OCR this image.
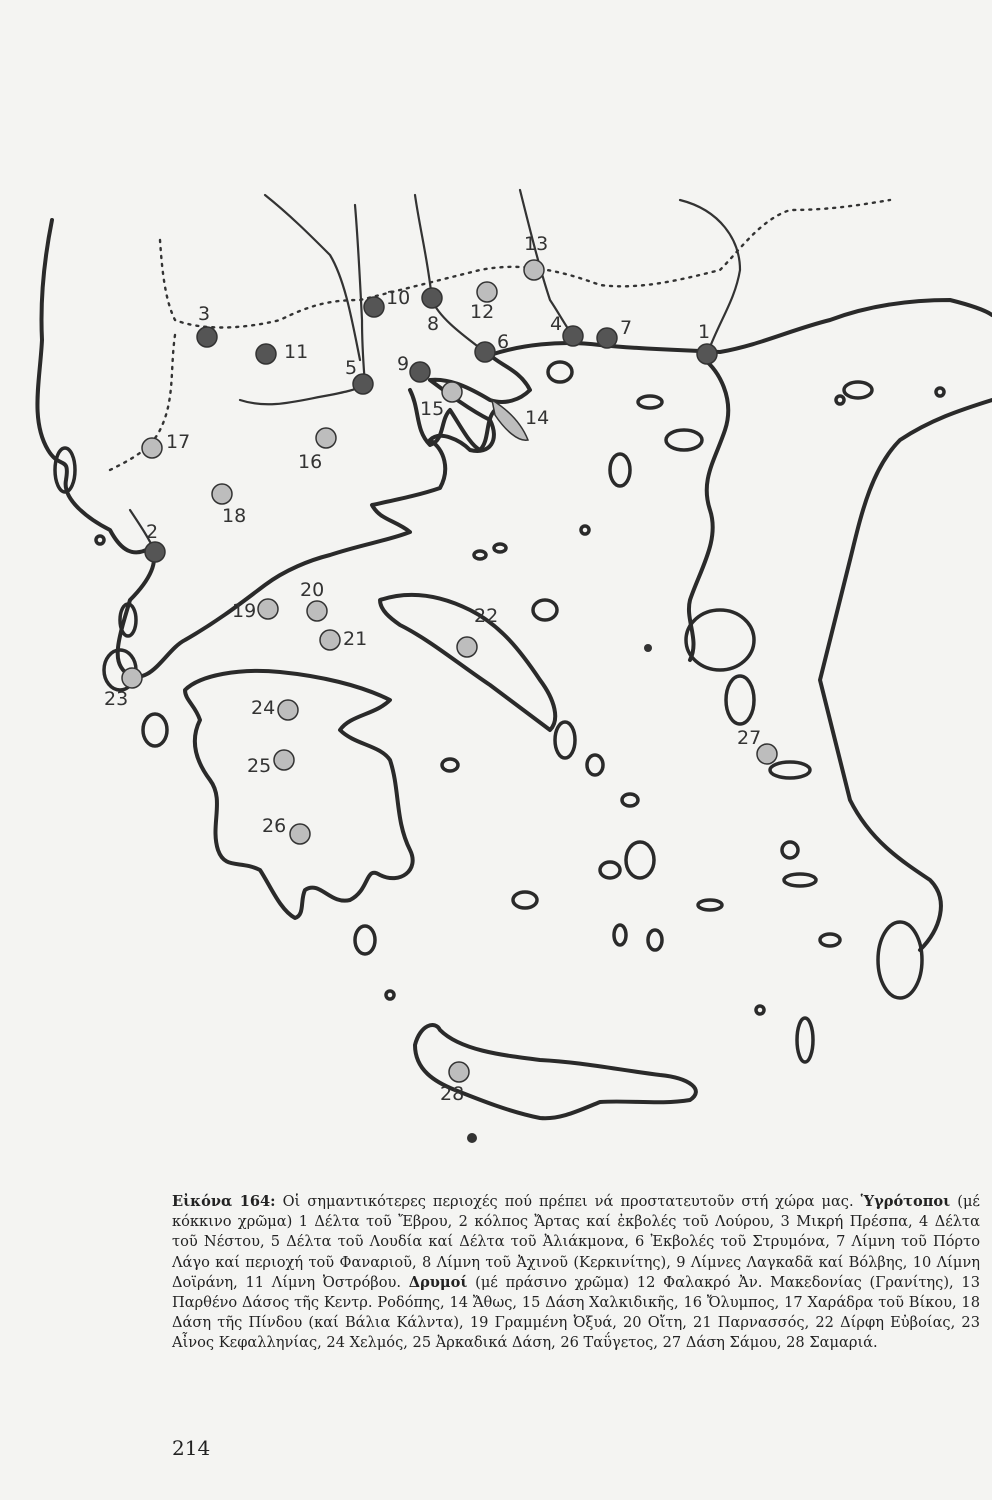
1
2
3	4
5
6
7
8
9
10
11
12
13
14
15
16
17
18
19
20
21
22
23	24
25
26
27
28
Εἰκόνα 164: Οἱ σημαντικότερες περιοχές πού πρέπει νά προστατευτοῦν στή χώρα μας. Ὑγρότοποι (μέ κόκκινο χρῶμα) 1 Δέλτα τοῦ Ἔβρου, 2 κόλπος Ἄρτας καί ἐκβολές τοῦ Λούρου, 3 Μικρή Πρέσπα, 4 Δέλτα τοῦ Νέστου, 5 Δέλτα τοῦ Λουδία καί Δέλτα τοῦ Ἀλιάκμονα, 6 Ἐκβολές τοῦ Στρυμόνα, 7 Λίμνη τοῦ Πόρτο Λάγο καί περιοχή τοῦ Φαναριοῦ, 8 Λίμνη τοῦ Ἀχινοῦ (Κερκινίτης), 9 Λίμνες Λαγκαδᾶ καί Βόλβης, 10 Λίμνη Δοϊράνη, 11 Λίμνη Ὀστρόβου. Δρυμοί (μέ πράσινο χρῶμα) 12 Φαλακρό Ἀν. Μακεδονίας (Γρανίτης), 13 Παρθένο Δάσος τῆς Κεντρ. Ροδόπης, 14 Ἄθως, 15 Δάση Χαλκιδικῆς, 16 Ὄλυμπος, 17 Χαράδρα τοῦ Βίκου, 18 Δάση τῆς Πίνδου (καί Βάλια Κάλντα), 19 Γραμμένη Ὀξυά, 20 Οἴτη, 21 Παρνασσός, 22 Δίρφη Εὐβοίας, 23 Αἶνος Κεφαλληνίας, 24 Χελμός, 25 Ἀρκαδικά Δάση, 26 Ταΰγετος, 27 Δάση Σάμου, 28 Σαμαριά.
214
